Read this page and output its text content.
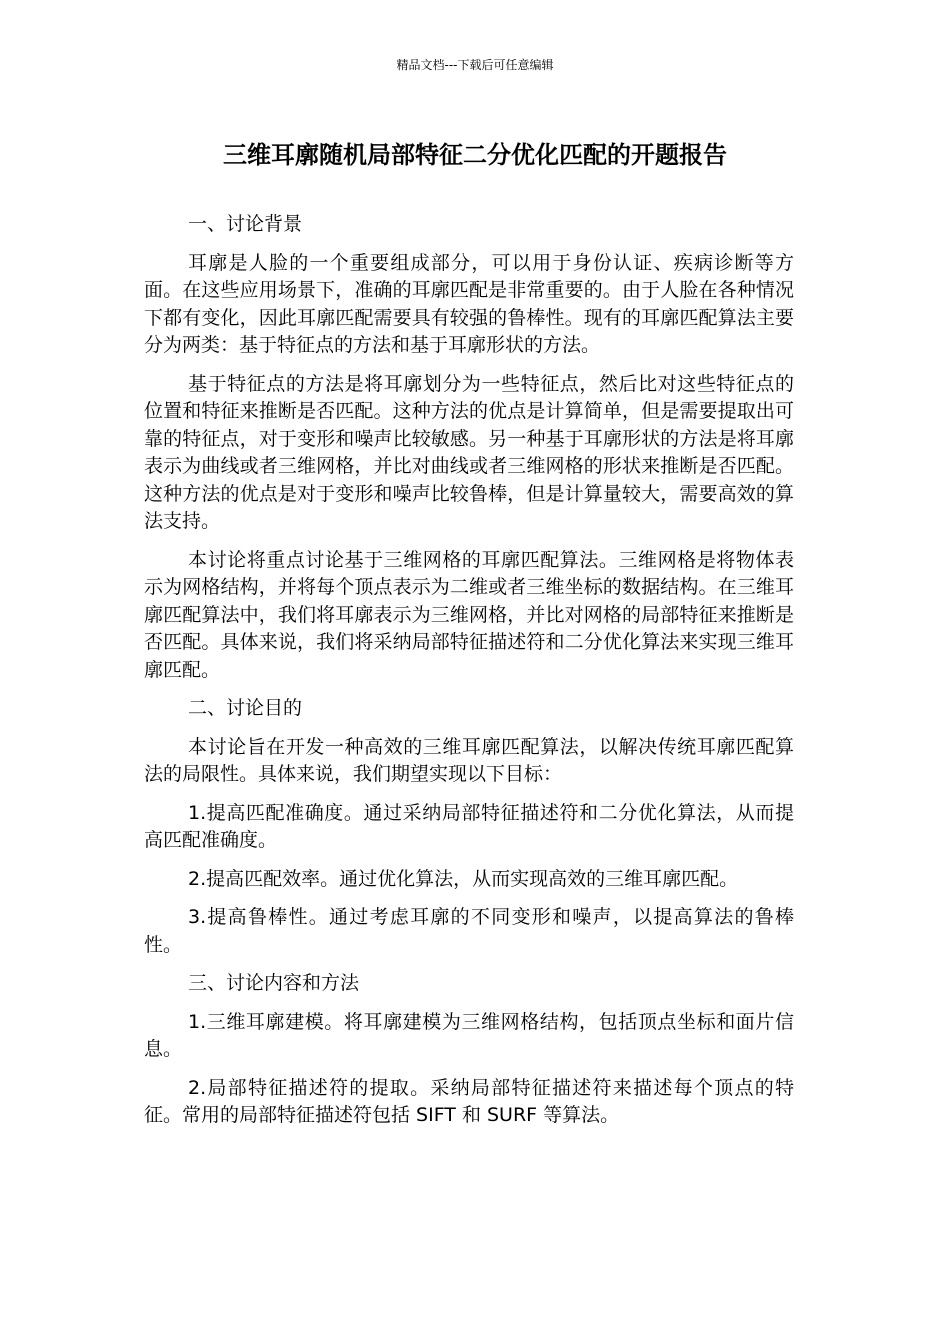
精品文档---下载后可任意编辑
三维耳廓随机局部特征二分优化匹配的开题报告
一、讨论背景

耳廓是人脸的一个重要组成部分，可以用于身份认证、疾病诊断等方面。在这些应用场景下，准确的耳廓匹配是非常重要的。由于人脸在各种情况下都有变化，因此耳廓匹配需要具有较强的鲁棒性。现有的耳廓匹配算法主要分为两类：基于特征点的方法和基于耳廓形状的方法。

基于特征点的方法是将耳廓划分为一些特征点，然后比对这些特征点的位置和特征来推断是否匹配。这种方法的优点是计算简单，但是需要提取出可靠的特征点，对于变形和噪声比较敏感。另一种基于耳廓形状的方法是将耳廓表示为曲线或者三维网格，并比对曲线或者三维网格的形状来推断是否匹配。这种方法的优点是对于变形和噪声比较鲁棒，但是计算量较大，需要高效的算法支持。

本讨论将重点讨论基于三维网格的耳廓匹配算法。三维网格是将物体表示为网格结构，并将每个顶点表示为二维或者三维坐标的数据结构。在三维耳廓匹配算法中，我们将耳廓表示为三维网格，并比对网格的局部特征来推断是否匹配。具体来说，我们将采纳局部特征描述符和二分优化算法来实现三维耳廓匹配。

二、讨论目的

本讨论旨在开发一种高效的三维耳廓匹配算法，以解决传统耳廓匹配算法的局限性。具体来说，我们期望实现以下目标：

1.提高匹配准确度。通过采纳局部特征描述符和二分优化算法，从而提高匹配准确度。

2.提高匹配效率。通过优化算法，从而实现高效的三维耳廓匹配。

3.提高鲁棒性。通过考虑耳廓的不同变形和噪声，以提高算法的鲁棒性。

三、讨论内容和方法

1.三维耳廓建模。将耳廓建模为三维网格结构，包括顶点坐标和面片信息。

2.局部特征描述符的提取。采纳局部特征描述符来描述每个顶点的特征。常用的局部特征描述符包括 SIFT 和 SURF 等算法。
